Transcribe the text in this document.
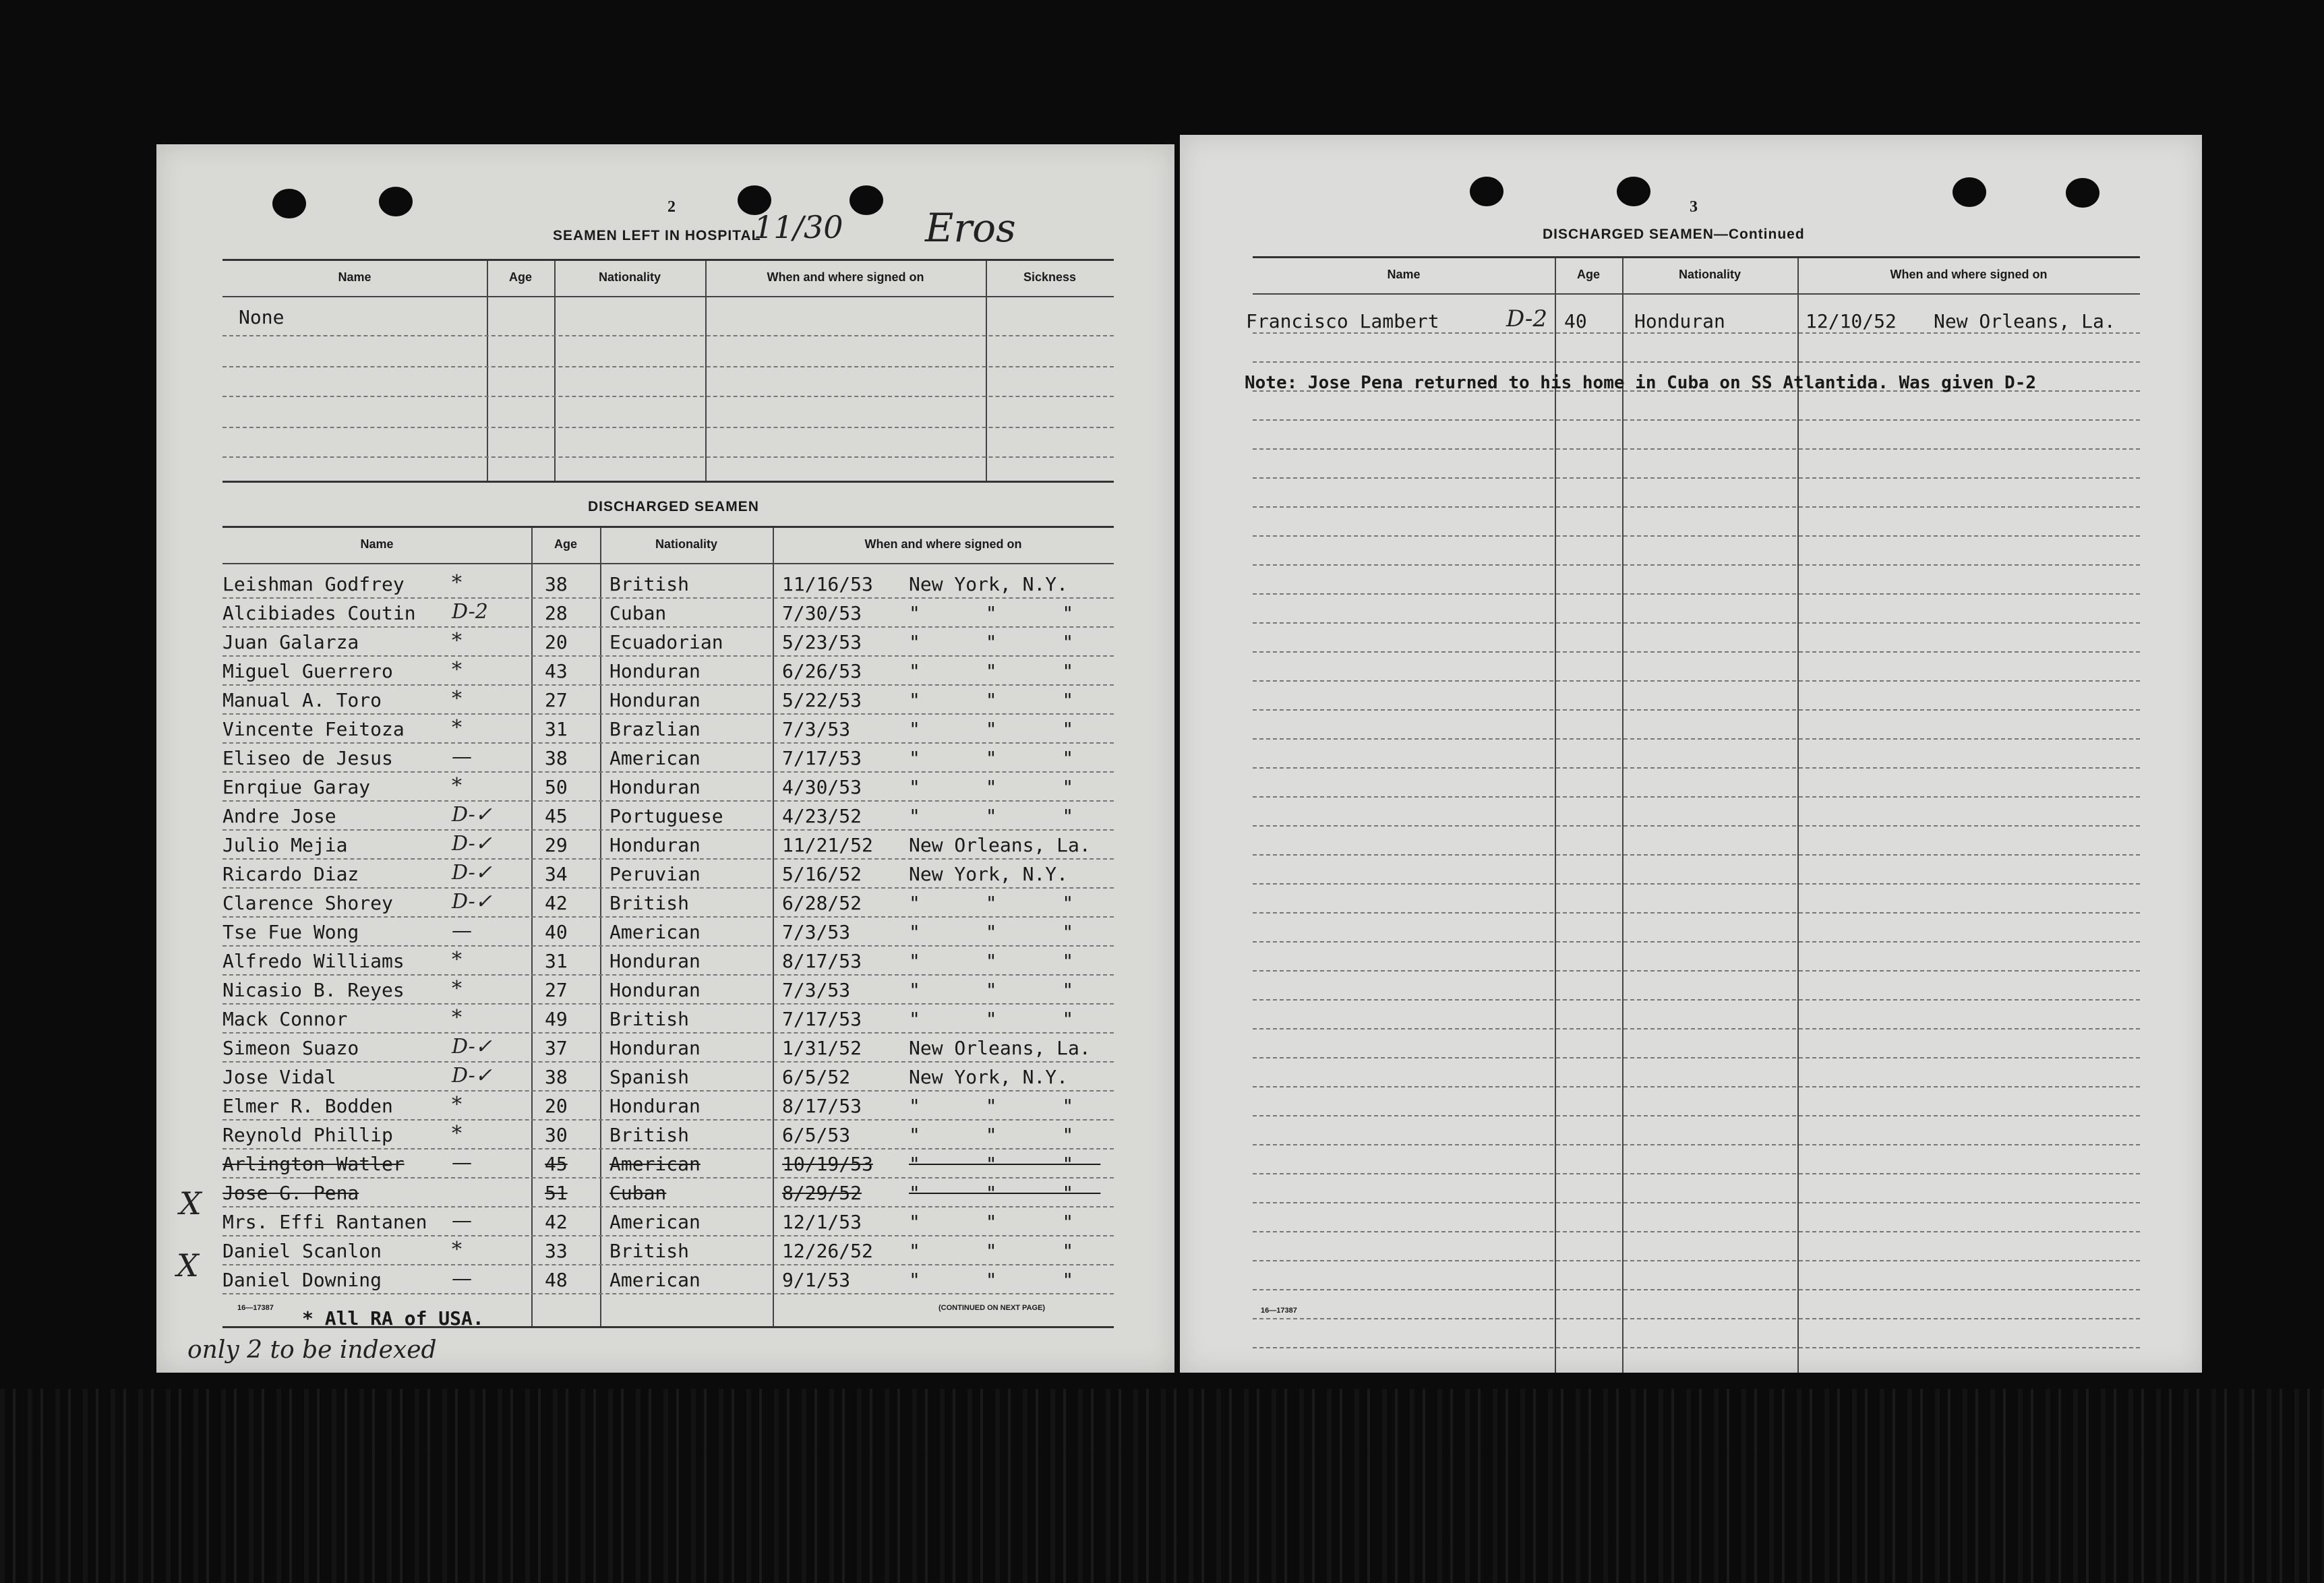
2
SEAMEN LEFT IN HOSPITAL
11/30 Eros
Name	Age	Nationality	When and where signed on	Sickness
None
DISCHARGED SEAMEN
Name	Age	Nationality	When and where signed on
Leishman Godfrey *	38 British	11/16/53 New York, N.Y.
Alcibiades Coutin D-2	28 Cuban	7/30/53 " " "
Juan Galarza	*	20 Ecuadorian	5/23/53 " " "
Miguel Guerrero	*	43 Honduran	6/26/53 " " "
Manual A. Toro	*	27 Honduran	5/22/53 " " "
Vincente Feitoza *	31 Brazlian	7/3/53	" " "
Eliseo de Jesus	—	38 American	7/17/53 " " "
Enrqiue Garay	*	50 Honduran	4/30/53 " " "
Andre Jose	D-✓	45 Portuguese	4/23/52 " " "
Julio Mejia	D-✓	29 Honduran	11/21/52 New Orleans, La.
Ricardo Diaz	D-✓	34 Peruvian	5/16/52 New York, N.Y.
Clarence Shorey	D-✓	42 British	6/28/52 " " "
Tse Fue Wong	—	40 American	7/3/53	" " "
Alfredo Williams *	31 Honduran	8/17/53 " " "
Nicasio B. Reyes *	27 Honduran	7/3/53	" " "
Mack Connor	*	49 British	7/17/53 " " "
Simeon Suazo	D-✓	37 Honduran	1/31/52 New Orleans, La.
Jose Vidal	D-✓	38 Spanish	6/5/52	New York, N.Y.
Elmer R. Bodden	*	20 Honduran	8/17/53 " " "
Reynold Phillip	*	30 British	6/5/53	" " "
Arlington Watler —	45 American	10/19/53 " " "
Jose G. Pena	51 Cuban	8/29/52 " " "
Mrs. Effi Rantanen —	42 American	12/1/53 " " "
Daniel Scanlon	*	33 British	12/26/52 " " "
Daniel Downing	—	48 American	9/1/53	" " "
X
X
16—17387	(CONTINUED ON NEXT PAGE)
* All RA of USA.
only 2 to be indexed
3
DISCHARGED SEAMEN—Continued
Name	Age	Nationality	When and where signed on
Francisco Lambert	D-2 40	Honduran	12/10/52 New Orleans, La.
Note: Jose Pena returned to his home in Cuba on SS Atlantida. Was given D-2
16—17387
